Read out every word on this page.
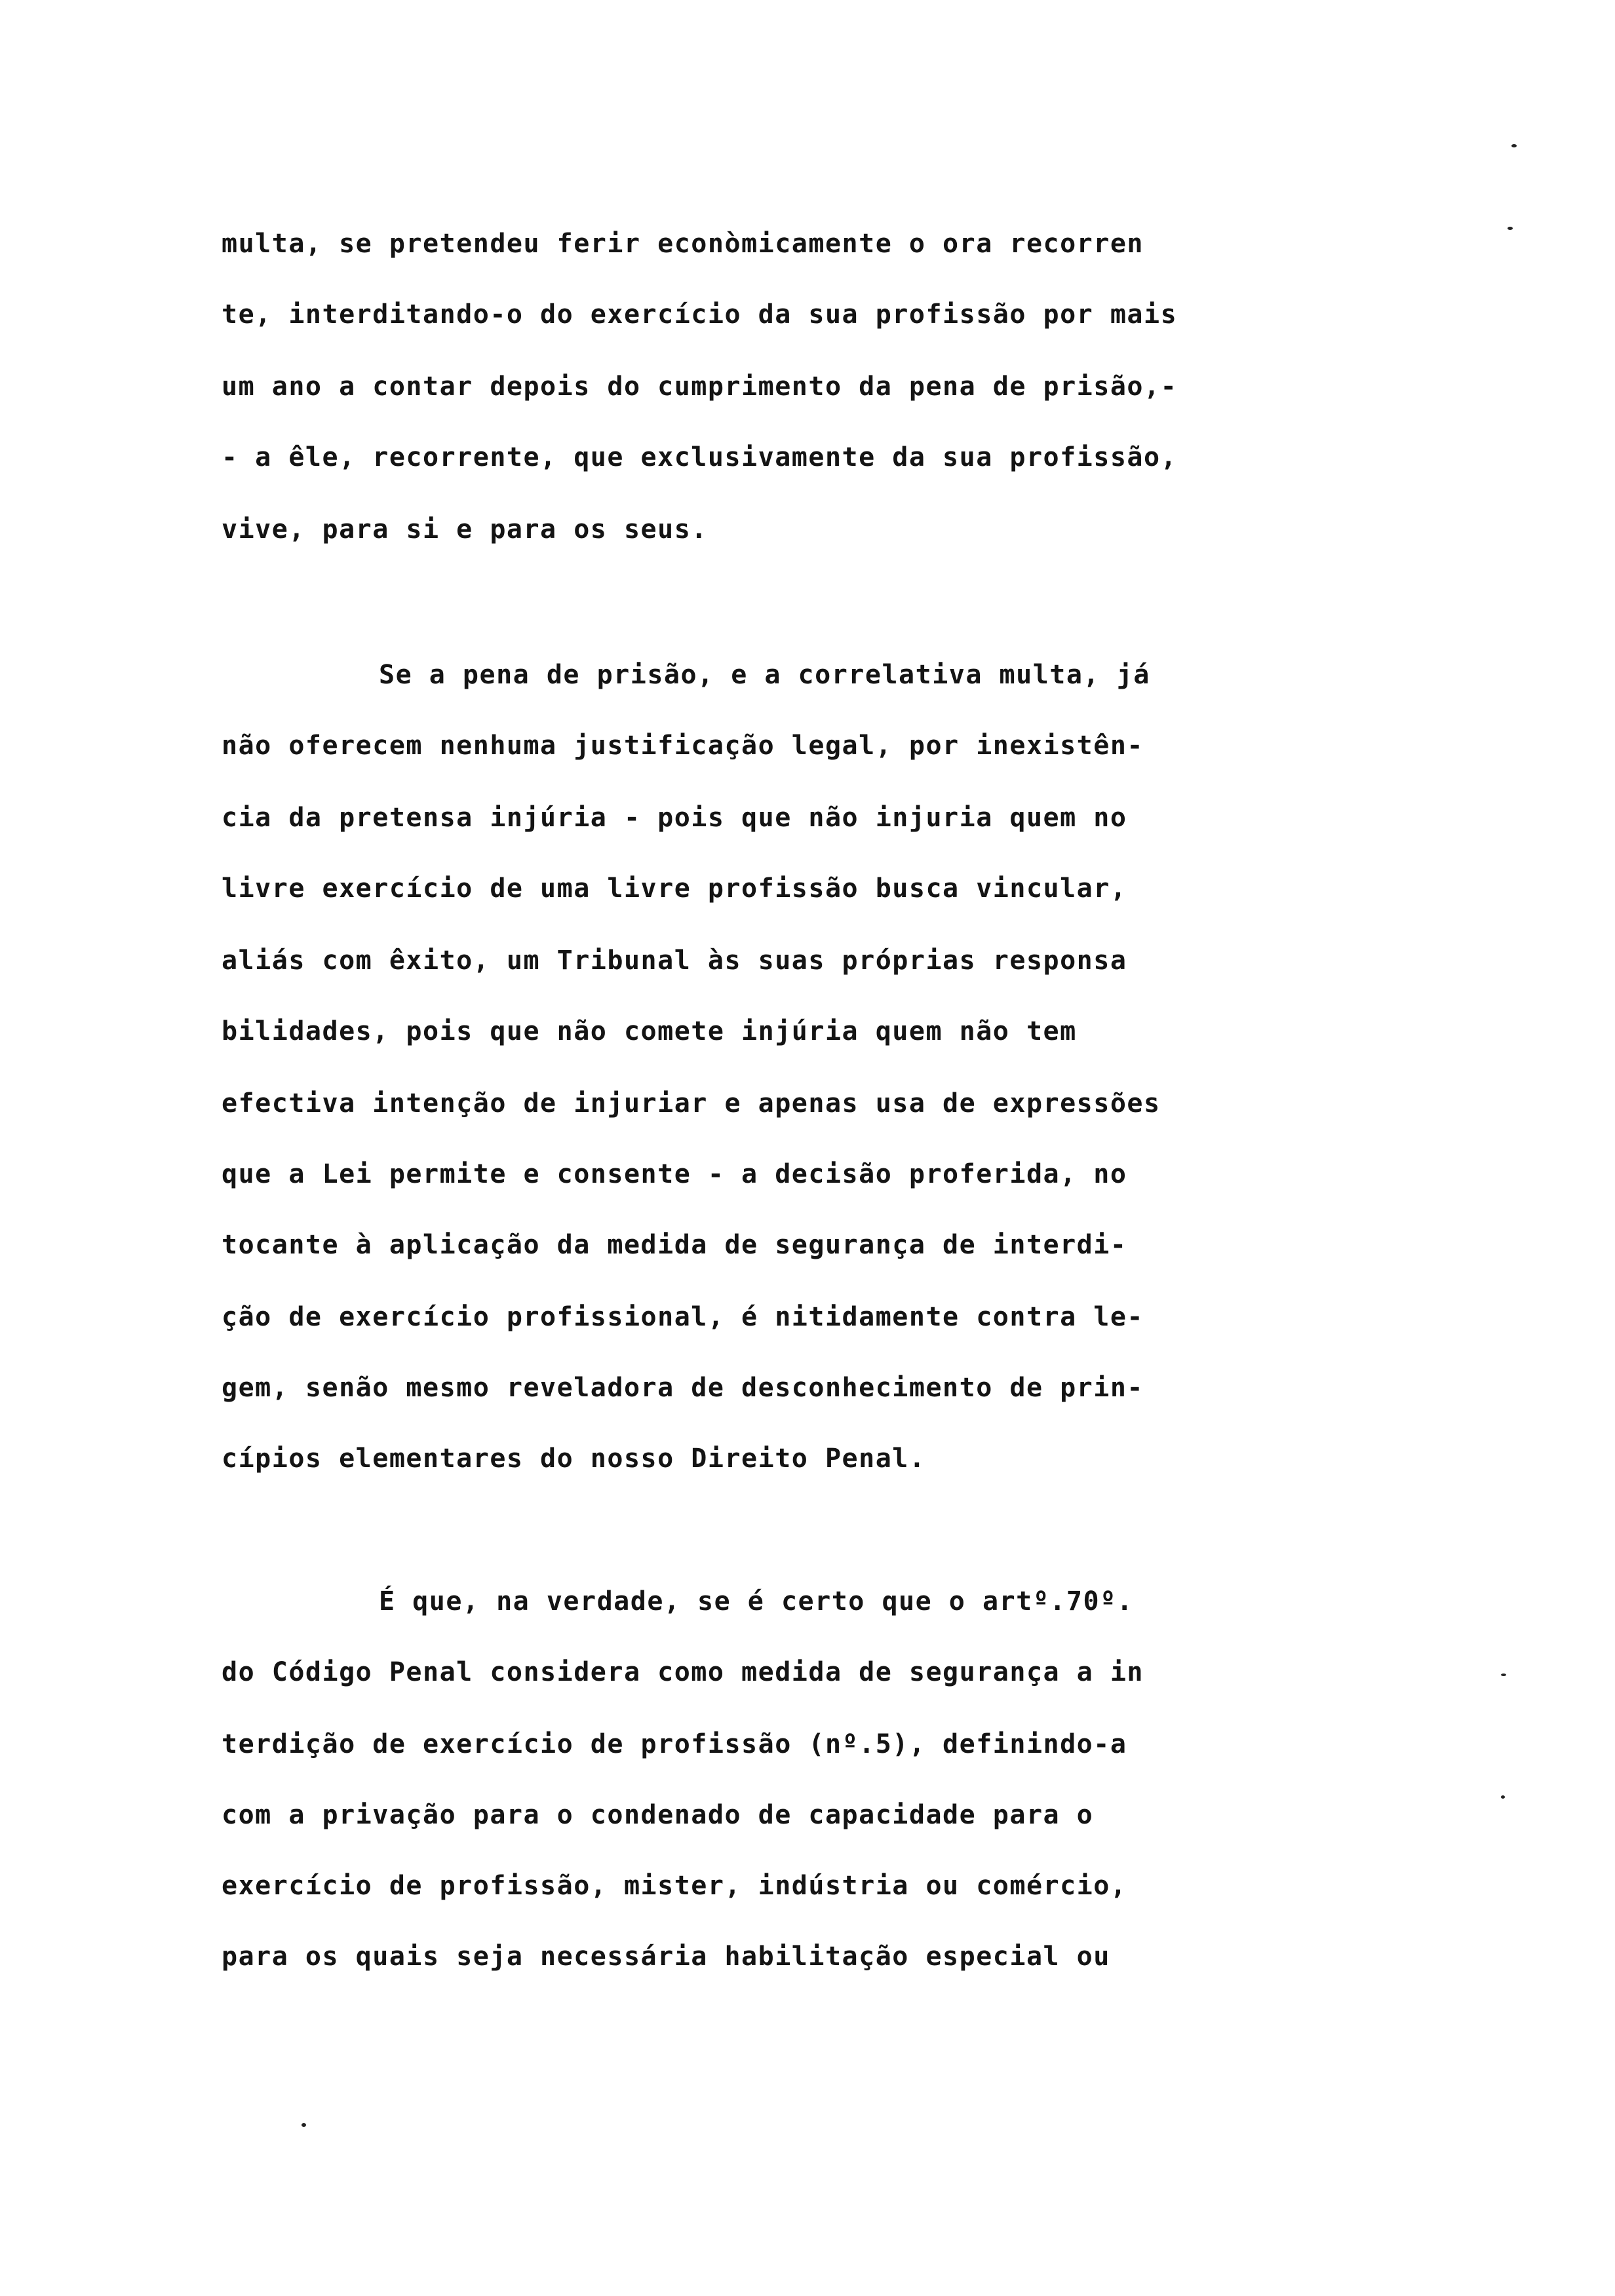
multa, se pretendeu ferir econòmicamente o ora recorren
te, interditando-o do exercício da sua profissão por mais
um ano a contar depois do cumprimento da pena de prisão,-
- a êle, recorrente, que exclusivamente da sua profissão,
vive, para si e para os seus.
Se a pena de prisão, e a correlativa multa, já
não oferecem nenhuma justificação legal, por inexistên-
cia da pretensa injúria - pois que não injuria quem no
livre exercício de uma livre profissão busca vincular,
aliás com êxito, um Tribunal às suas próprias responsa
bilidades, pois que não comete injúria quem não tem
efectiva intenção de injuriar e apenas usa de expressões
que a Lei permite e consente - a decisão proferida, no
tocante à aplicação da medida de segurança de interdi-
ção de exercício profissional, é nitidamente contra le-
gem, senão mesmo reveladora de desconhecimento de prin-
cípios elementares do nosso Direito Penal.
É que, na verdade, se é certo que o artº.70º.
do Código Penal considera como medida de segurança a in
terdição de exercício de profissão (nº.5), definindo-a
com a privação para o condenado de capacidade para o
exercício de profissão, mister, indústria ou comércio,
para os quais seja necessária habilitação especial ou
